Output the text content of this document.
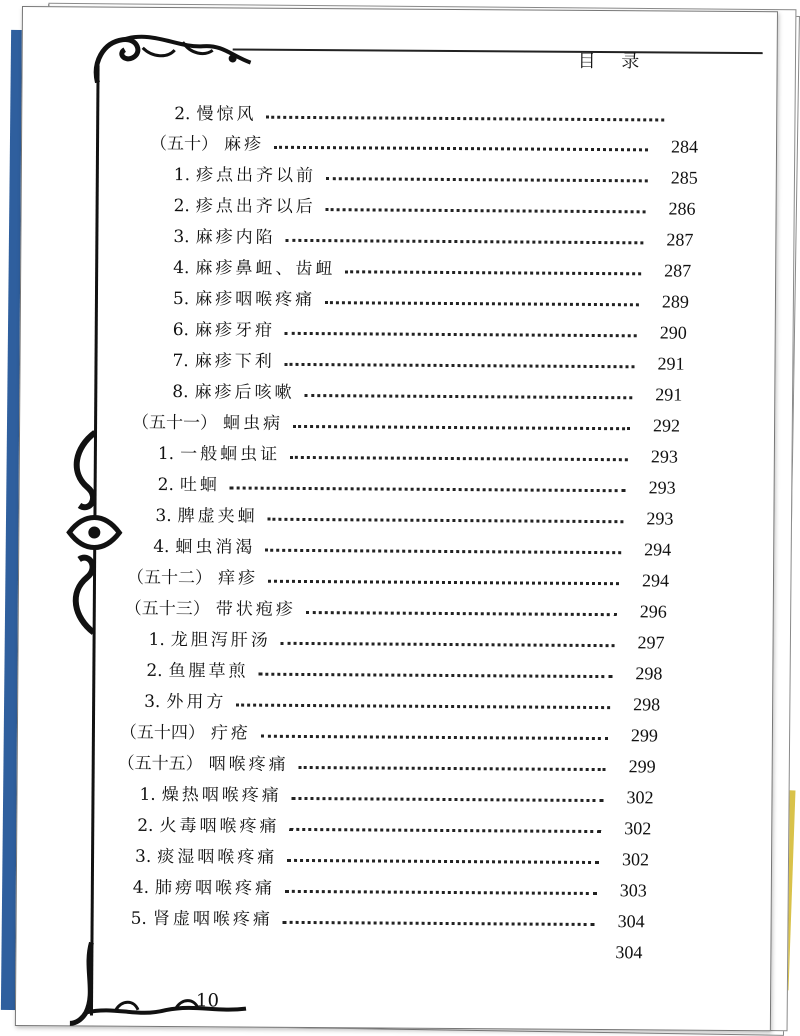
目 录
2. 慢惊风
（五十） 麻疹	284
1. 疹点出齐以前	285
2. 疹点出齐以后	286
3. 麻疹内陷	287
4. 麻疹鼻衄、齿衄	287
5. 麻疹咽喉疼痛	289
6. 麻疹牙疳	290
7. 麻疹下利	291
8. 麻疹后咳嗽	291
（五十一） 蛔虫病	292
1. 一般蛔虫证	293
2. 吐蛔	293
3. 脾虚夹蛔	293
4. 蛔虫消渴	294
（五十二） 痒疹	294
（五十三） 带状疱疹	296
1. 龙胆泻肝汤	297
2. 鱼腥草煎	298
3. 外用方	298
（五十四） 疔疮	299
（五十五） 咽喉疼痛	299
1. 燥热咽喉疼痛	302
2. 火毒咽喉疼痛	302
3. 痰湿咽喉疼痛	302
4. 肺痨咽喉疼痛	303
5. 肾虚咽喉疼痛	304
304
10
